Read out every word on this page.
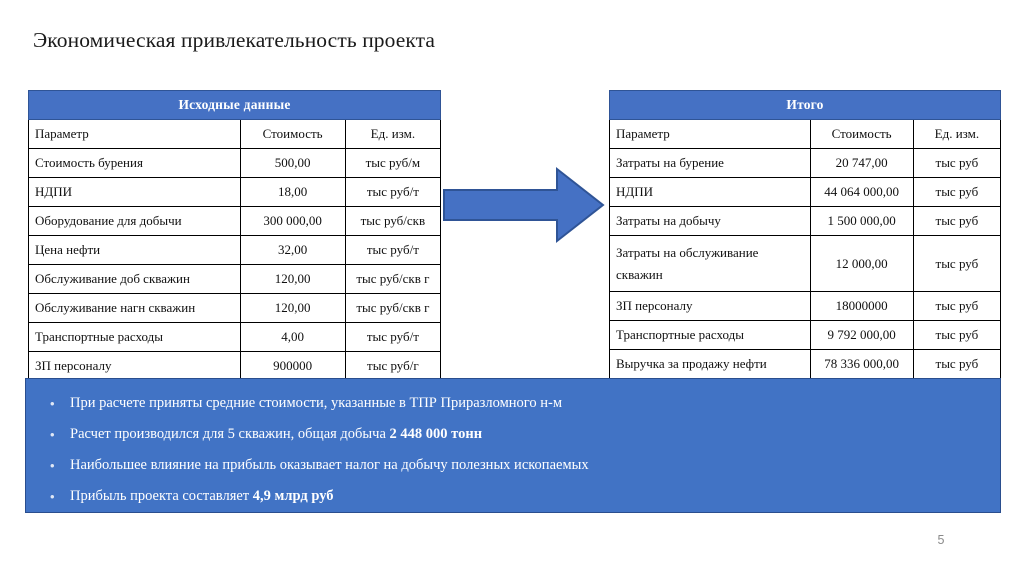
Экономическая привлекательность проекта
Исходные данные		
Параметр	Стоимость	Ед. изм.
Стоимость бурения	500,00	тыс руб/м
НДПИ	18,00	тыс руб/т
Оборудование для добычи	300 000,00	тыс руб/скв
Цена нефти	32,00	тыс руб/т
Обслуживание доб скважин	120,00	тыс руб/скв г
Обслуживание нагн скважин	120,00	тыс руб/скв г
Транспортные расходы	4,00	тыс руб/т
ЗП персоналу	900000	тыс руб/г
Итого		
Параметр	Стоимость	Ед. изм.
Затраты на бурение	20 747,00	тыс руб
НДПИ	44 064 000,00	тыс руб
Затраты на добычу	1 500 000,00	тыс руб
Затраты на обслуживание скважин	12 000,00	тыс руб
ЗП персоналу	18000000	тыс руб
Транспортные расходы	9 792 000,00	тыс руб
Выручка за продажу нефти	78 336 000,00	тыс руб

•	При расчете приняты средние стоимости, указанные в ТПР Приразломного н-м
•	Расчет производился для 5 скважин, общая добыча 2 448 000 тонн
•	Наибольшее влияние на прибыль оказывает налог на добычу полезных ископаемых
•	Прибыль проекта составляет 4,9 млрд руб
5
